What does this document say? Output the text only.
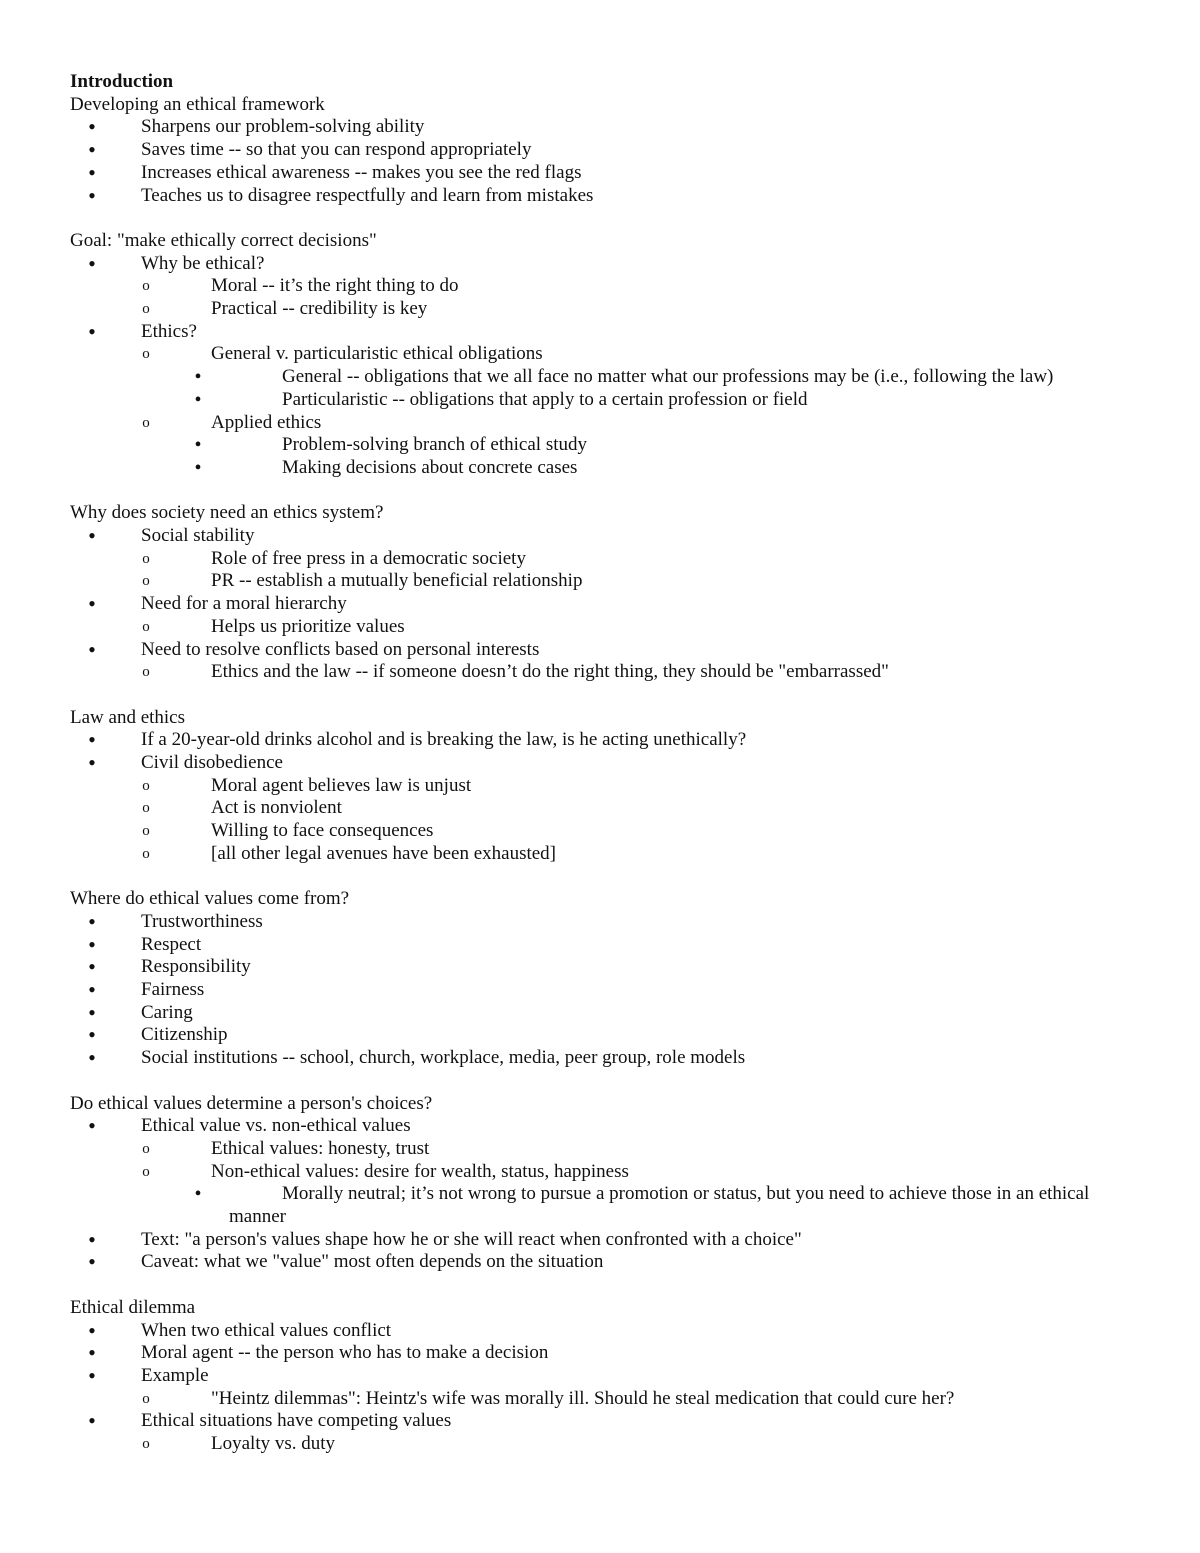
Introduction
Developing an ethical framework
•	Sharpens our problem-solving ability
•	Saves time -- so that you can respond appropriately
•	Increases ethical awareness -- makes you see the red flags
•	Teaches us to disagree respectfully and learn from mistakes
Goal: "make ethically correct decisions"
•	Why be ethical?
o	Moral -- it’s the right thing to do
o	Practical -- credibility is key
•	Ethics?
o	General v. particularistic ethical obligations
•	General -- obligations that we all face no matter what our professions may be (i.e., following the law)
•	Particularistic -- obligations that apply to a certain profession or field
o	Applied ethics
•	Problem-solving branch of ethical study
•	Making decisions about concrete cases
Why does society need an ethics system?
•	Social stability
o	Role of free press in a democratic society
o	PR -- establish a mutually beneficial relationship
•	Need for a moral hierarchy
o	Helps us prioritize values
•	Need to resolve conflicts based on personal interests
o	Ethics and the law -- if someone doesn’t do the right thing, they should be "embarrassed"
Law and ethics
•	If a 20-year-old drinks alcohol and is breaking the law, is he acting unethically?
•	Civil disobedience
o	Moral agent believes law is unjust
o	Act is nonviolent
o	Willing to face consequences
o	[all other legal avenues have been exhausted]
Where do ethical values come from?
•	Trustworthiness
•	Respect
•	Responsibility
•	Fairness
•	Caring
•	Citizenship
•	Social institutions -- school, church, workplace, media, peer group, role models
Do ethical values determine a person's choices?
•	Ethical value vs. non-ethical values
o	Ethical values: honesty, trust
o	Non-ethical values: desire for wealth, status, happiness
•	Morally neutral; it’s not wrong to pursue a promotion or status, but you need to achieve those in an ethical
manner
•	Text: "a person's values shape how he or she will react when confronted with a choice"
•	Caveat: what we "value" most often depends on the situation
Ethical dilemma
•	When two ethical values conflict
•	Moral agent -- the person who has to make a decision
•	Example
o	"Heintz dilemmas": Heintz's wife was morally ill. Should he steal medication that could cure her?
•	Ethical situations have competing values
o	Loyalty vs. duty
